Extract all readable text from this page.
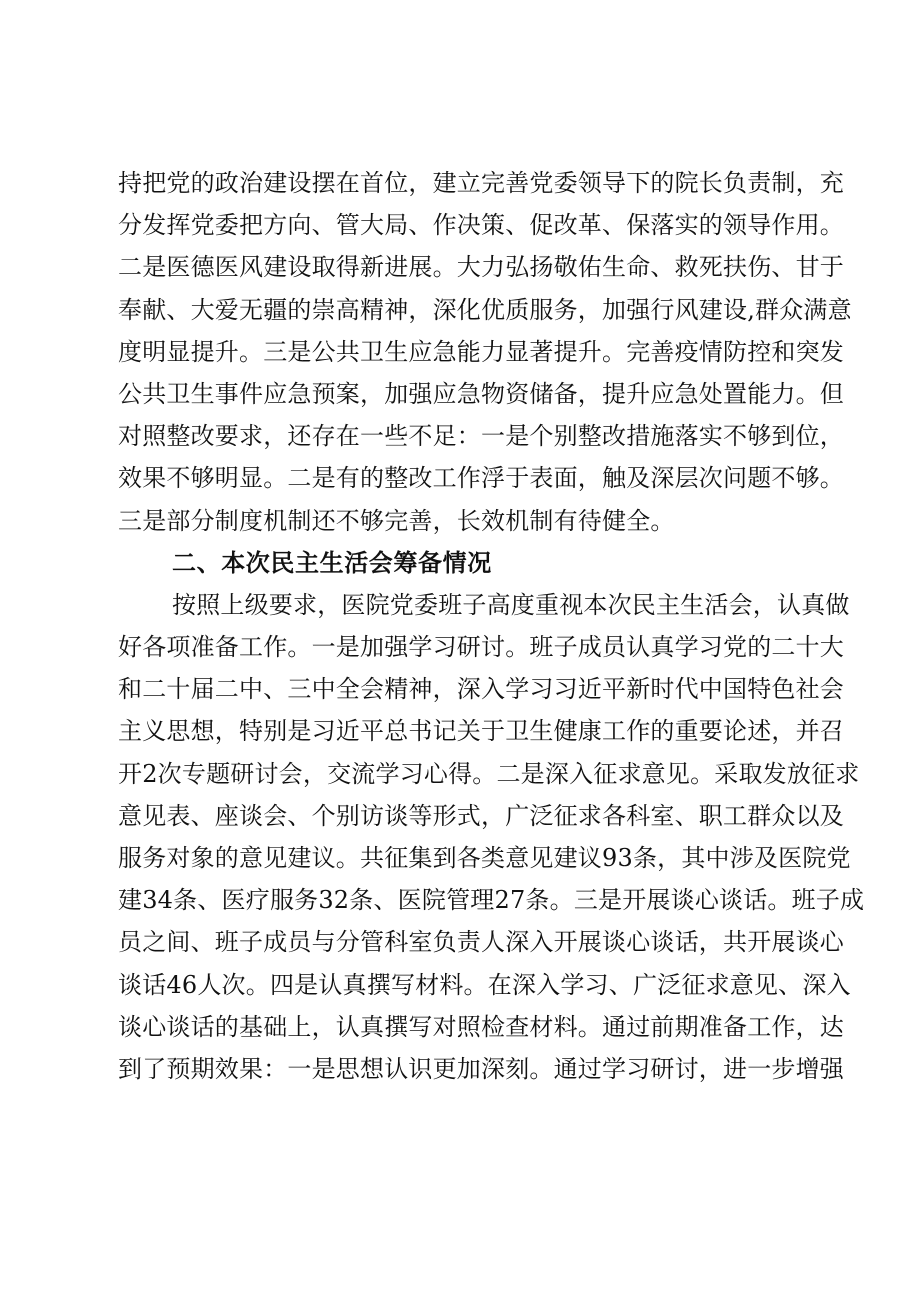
持把党的政治建设摆在首位，建立完善党委领导下的院长负责制，充
分发挥党委把方向、管大局、作决策、促改革、保落实的领导作用。
二是医德医风建设取得新进展。大力弘扬敬佑生命、救死扶伤、甘于
奉献、大爱无疆的崇高精神，深化优质服务，加强行风建设,群众满意
度明显提升。三是公共卫生应急能力显著提升。完善疫情防控和突发
公共卫生事件应急预案，加强应急物资储备，提升应急处置能力。但
对照整改要求，还存在一些不足：一是个别整改措施落实不够到位，
效果不够明显。二是有的整改工作浮于表面，触及深层次问题不够。
三是部分制度机制还不够完善，长效机制有待健全。
二、本次民主生活会筹备情况
按照上级要求，医院党委班子高度重视本次民主生活会，认真做
好各项准备工作。一是加强学习研讨。班子成员认真学习党的二十大
和二十届二中、三中全会精神，深入学习习近平新时代中国特色社会
主义思想，特别是习近平总书记关于卫生健康工作的重要论述，并召
开2次专题研讨会，交流学习心得。二是深入征求意见。采取发放征求
意见表、座谈会、个别访谈等形式，广泛征求各科室、职工群众以及
服务对象的意见建议。共征集到各类意见建议93条，其中涉及医院党
建34条、医疗服务32条、医院管理27条。三是开展谈心谈话。班子成
员之间、班子成员与分管科室负责人深入开展谈心谈话，共开展谈心
谈话46人次。四是认真撰写材料。在深入学习、广泛征求意见、深入
谈心谈话的基础上，认真撰写对照检查材料。通过前期准备工作，达
到了预期效果：一是思想认识更加深刻。通过学习研讨，进一步增强
